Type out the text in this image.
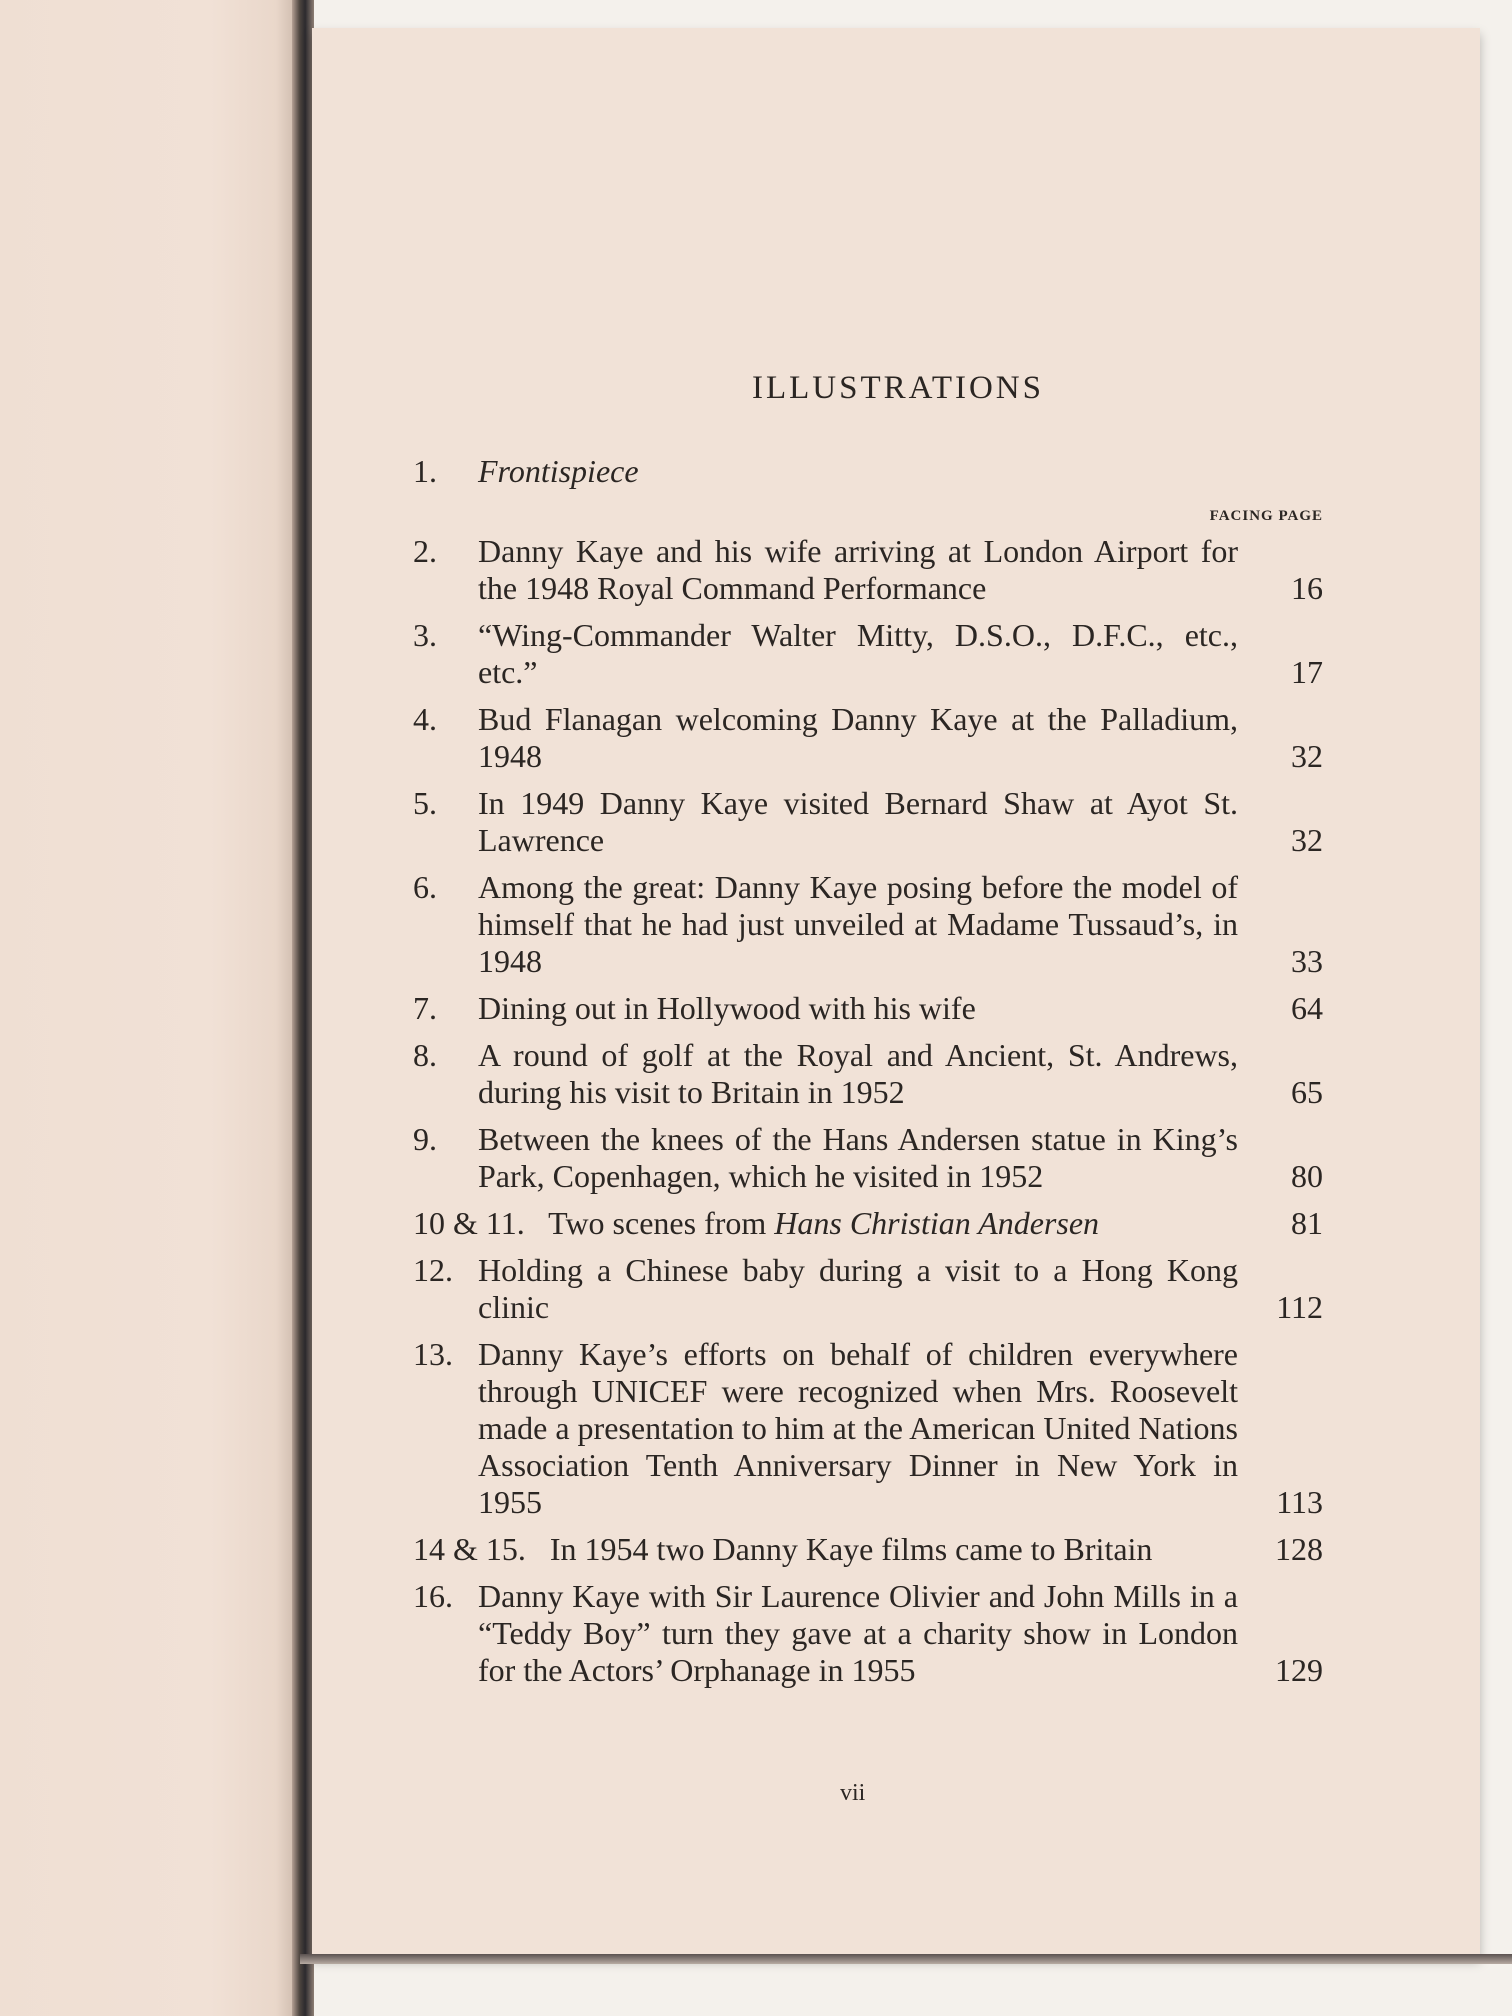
ILLUSTRATIONS
1. Frontispiece
FACING PAGE
2. Danny Kaye and his wife arriving at London Airport for the 1948 Royal Command Performance	16
3. “Wing-Commander Walter Mitty, D.S.O., D.F.C., etc., etc.”	17
4. Bud Flanagan welcoming Danny Kaye at the Palladium, 1948	32
5. In 1949 Danny Kaye visited Bernard Shaw at Ayot St. Lawrence	32
6. Among the great: Danny Kaye posing before the model of himself that he had just unveiled at Madame Tussaud’s, in 1948	33
7. Dining out in Hollywood with his wife	64
8. A round of golf at the Royal and Ancient, St. Andrews, during his visit to Britain in 1952	65
9. Between the knees of the Hans Andersen statue in King’s Park, Copenhagen, which he visited in 1952	80
10 & 11. Two scenes from Hans Christian Andersen	81
12. Holding a Chinese baby during a visit to a Hong Kong clinic	112
13. Danny Kaye’s efforts on behalf of children everywhere through UNICEF were recognized when Mrs. Roosevelt made a presentation to him at the American United Nations Association Tenth Anniversary Dinner in New York in 1955	113
14 & 15. In 1954 two Danny Kaye films came to Britain	128
16. Danny Kaye with Sir Laurence Olivier and John Mills in a “Teddy Boy” turn they gave at a charity show in London for the Actors’ Orphanage in 1955	129
vii
